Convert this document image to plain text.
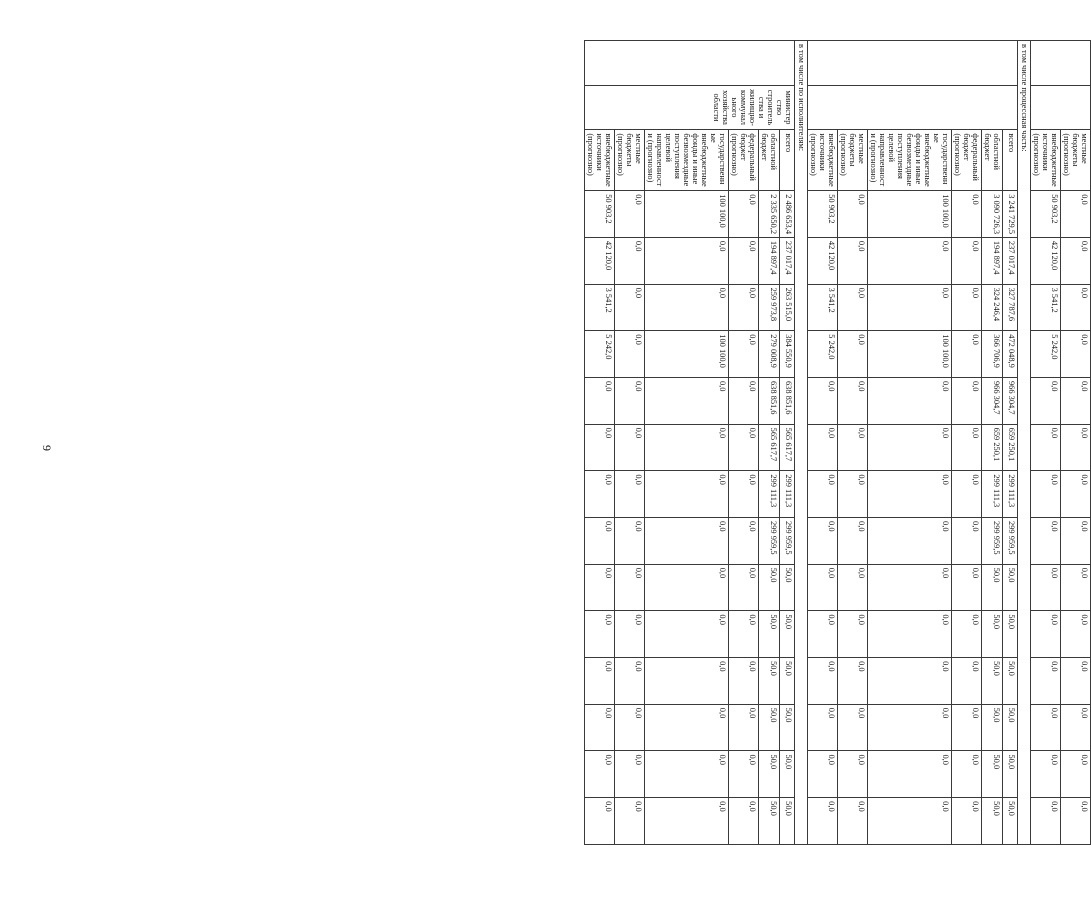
9

		местные бюджеты (прогнозно)	0,0	0,0	0,0	0,0	0,0	0,0	0,0	0,0	0,0	0,0	0,0	0,0	0,0	0,0
		внебюджетные источники (прогнозно)	50 903,2	42 120,0	3 541,2	5 242,0	0,0	0,0	0,0	0,0	0,0	0,0	0,0	0,0	0,0	0,0
в том числе процессная часть:																
		всего	3 241 729,5	237 017,4	327 787,6	472 048,9	966 304,7	659 250,1	299 111,3	299 959,5	50,0	50,0	50,0	50,0	50,0	50,0
		областной бюджет	3 090 726,3	194 897,4	324 246,4	366 706,9	966 304,7	659 250,1	299 111,3	299 959,5	50,0	50,0	50,0	50,0	50,0	50,0
		федеральный бюджет (прогнозно)	0,0	0,0	0,0	0,0	0,0	0,0	0,0	0,0	0,0	0,0	0,0	0,0	0,0	0,0
		государственные внебюджетные фонды и иные безвозмездные поступления целевой направленности (прогнозно)	100 100,0	0,0	0,0	100 100,0	0,0	0,0	0,0	0,0	0,0	0,0	0,0	0,0	0,0	0,0
		местные бюджеты (прогнозно)	0,0	0,0	0,0	0,0	0,0	0,0	0,0	0,0	0,0	0,0	0,0	0,0	0,0	0,0
		внебюджетные источники (прогнозно)	50 903,2	42 120,0	3 541,2	5 242,0	0,0	0,0	0,0	0,0	0,0	0,0	0,0	0,0	0,0	0,0
в том числе по исполнителям:																
	министерство строительства и жилищно-коммунального хозяйства области	всего	2 486 653,4	237 017,4	263 515,0	384 550,9	638 851,6	565 617,7	299 111,3	299 959,5	50,0	50,0	50,0	50,0	50,0	50,0
		областной бюджет	2 335 650,2	194 897,4	259 973,8	279 008,9	638 851,6	565 617,7	299 111,3	299 959,5	50,0	50,0	50,0	50,0	50,0	50,0
		федеральный бюджет (прогнозно)	0,0	0,0	0,0	0,0	0,0	0,0	0,0	0,0	0,0	0,0	0,0	0,0	0,0	0,0
		государственные внебюджетные фонды и иные безвозмездные поступления целевой направленности (прогнозно)	100 100,0	0,0	0,0	100 100,0	0,0	0,0	0,0	0,0	0,0	0,0	0,0	0,0	0,0	0,0
		местные бюджеты (прогнозно)	0,0	0,0	0,0	0,0	0,0	0,0	0,0	0,0	0,0	0,0	0,0	0,0	0,0	0,0
		внебюджетные источники (прогнозно)	50 903,2	42 120,0	3 541,2	5 242,0	0,0	0,0	0,0	0,0	0,0	0,0	0,0	0,0	0,0	0,0
